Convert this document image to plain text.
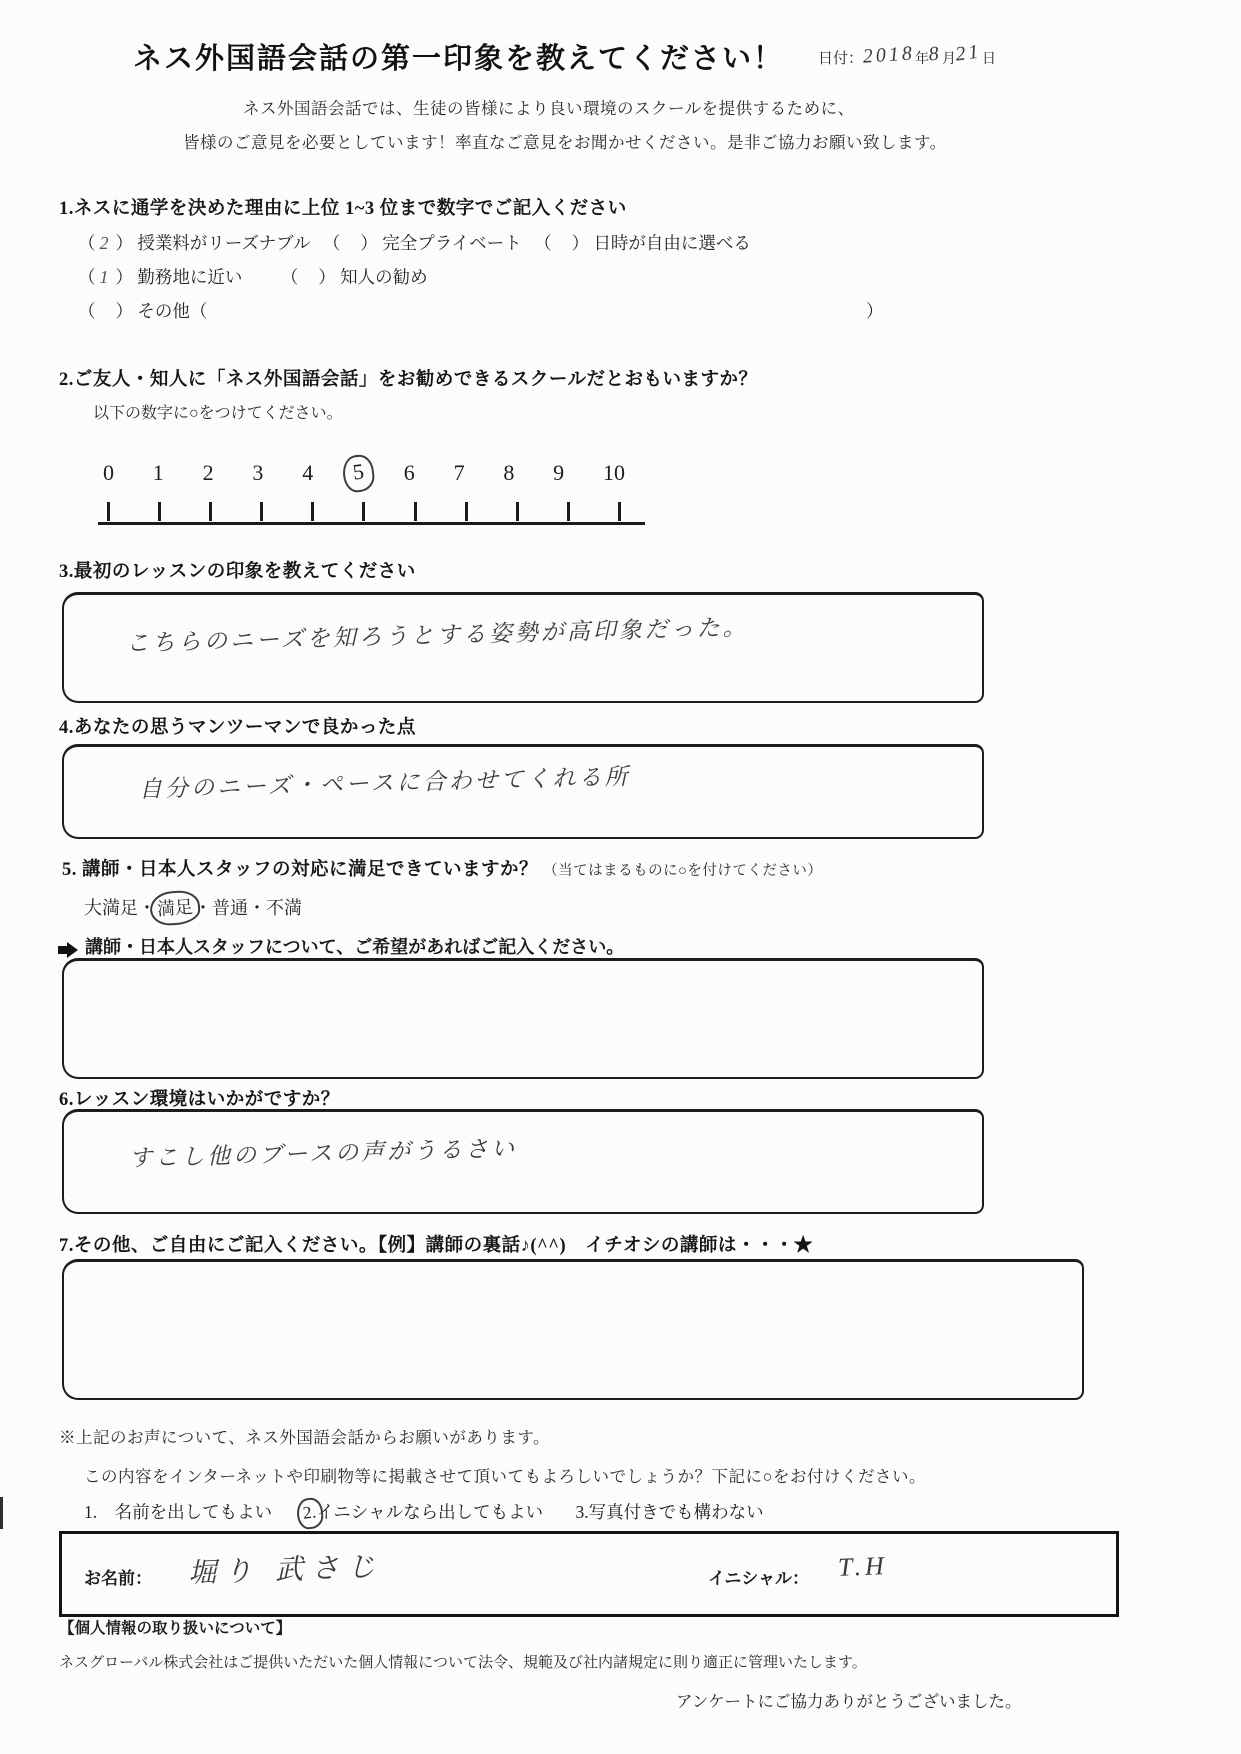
ネス外国語会話の第一印象を教えてください！ 日付：2018年8月21日
ネス外国語会話では、生徒の皆様により良い環境のスクールを提供するために、
皆様のご意見を必要としています！率直なご意見をお聞かせください。是非ご協力お願い致します。
1.ネスに通学を決めた理由に上位 1~3 位まで数字でご記入ください
（ 2 ） 授業料がリーズナブル （ ） 完全プライベート （ ） 日時が自由に選べる
（ 1 ） 勤務地に近い （ ） 知人の勧め
（ ） その他（	）
2.ご友人・知人に「ネス外国語会話」をお勧めできるスクールだとおもいますか？
以下の数字に○をつけてください。
0 1 2 3 4	5	6 7 8 9 10
3.最初のレッスンの印象を教えてください
こちらのニーズを知ろうとする姿勢が高印象だった。
4.あなたの思うマンツーマンで良かった点
自分のニーズ・ペースに合わせてくれる所
5. 講師・日本人スタッフの対応に満足できていますか？ （当てはまるものに○を付けてください）
大満足・満足・普通・不満
講師・日本人スタッフについて、ご希望があればご記入ください。
6.レッスン環境はいかがですか？
すこし他のブースの声がうるさい
7.その他、ご自由にご記入ください。【例】講師の裏話♪(^^)　イチオシの講師は・・・★
※上記のお声について、ネス外国語会話からお願いがあります。
この内容をインターネットや印刷物等に掲載させて頂いてもよろしいでしょうか？下記に○をお付けください。
1.　名前を出してもよい 2.イニシャルなら出してもよい 3.写真付きでも構わない
お名前： 堀り 武さじ	イニシャル： T.H
【個人情報の取り扱いについて】
ネスグローバル株式会社はご提供いただいた個人情報について法令、規範及び社内諸規定に則り適正に管理いたします。
アンケートにご協力ありがとうございました。
